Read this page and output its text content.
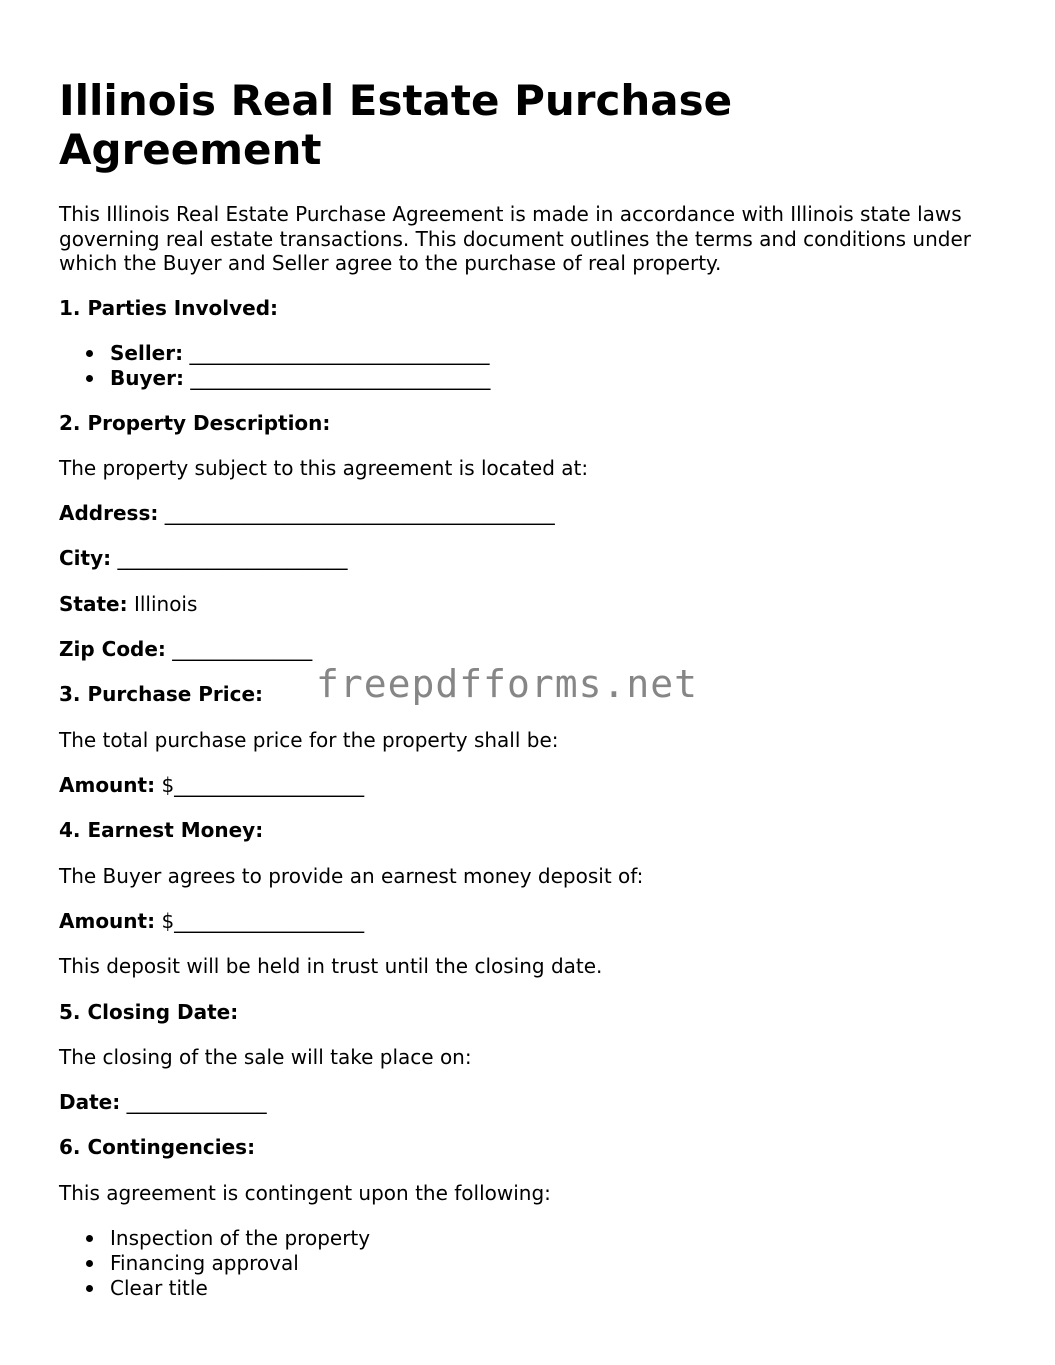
Illinois Real Estate Purchase Agreement

This Illinois Real Estate Purchase Agreement is made in accordance with Illinois state laws governing real estate transactions. This document outlines the terms and conditions under which the Buyer and Seller agree to the purchase of real property.

1. Parties Involved:

Seller: ______________________________
Buyer: ______________________________

2. Property Description:

The property subject to this agreement is located at:

Address: _______________________________________

City: _______________________

State: Illinois

Zip Code: ______________

3. Purchase Price:

The total purchase price for the property shall be:

Amount: $___________________

4. Earnest Money:

The Buyer agrees to provide an earnest money deposit of:

Amount: $___________________

This deposit will be held in trust until the closing date.

5. Closing Date:

The closing of the sale will take place on:

Date: ______________

6. Contingencies:

This agreement is contingent upon the following:

Inspection of the property
Financing approval
Clear title
freepdfforms.net
